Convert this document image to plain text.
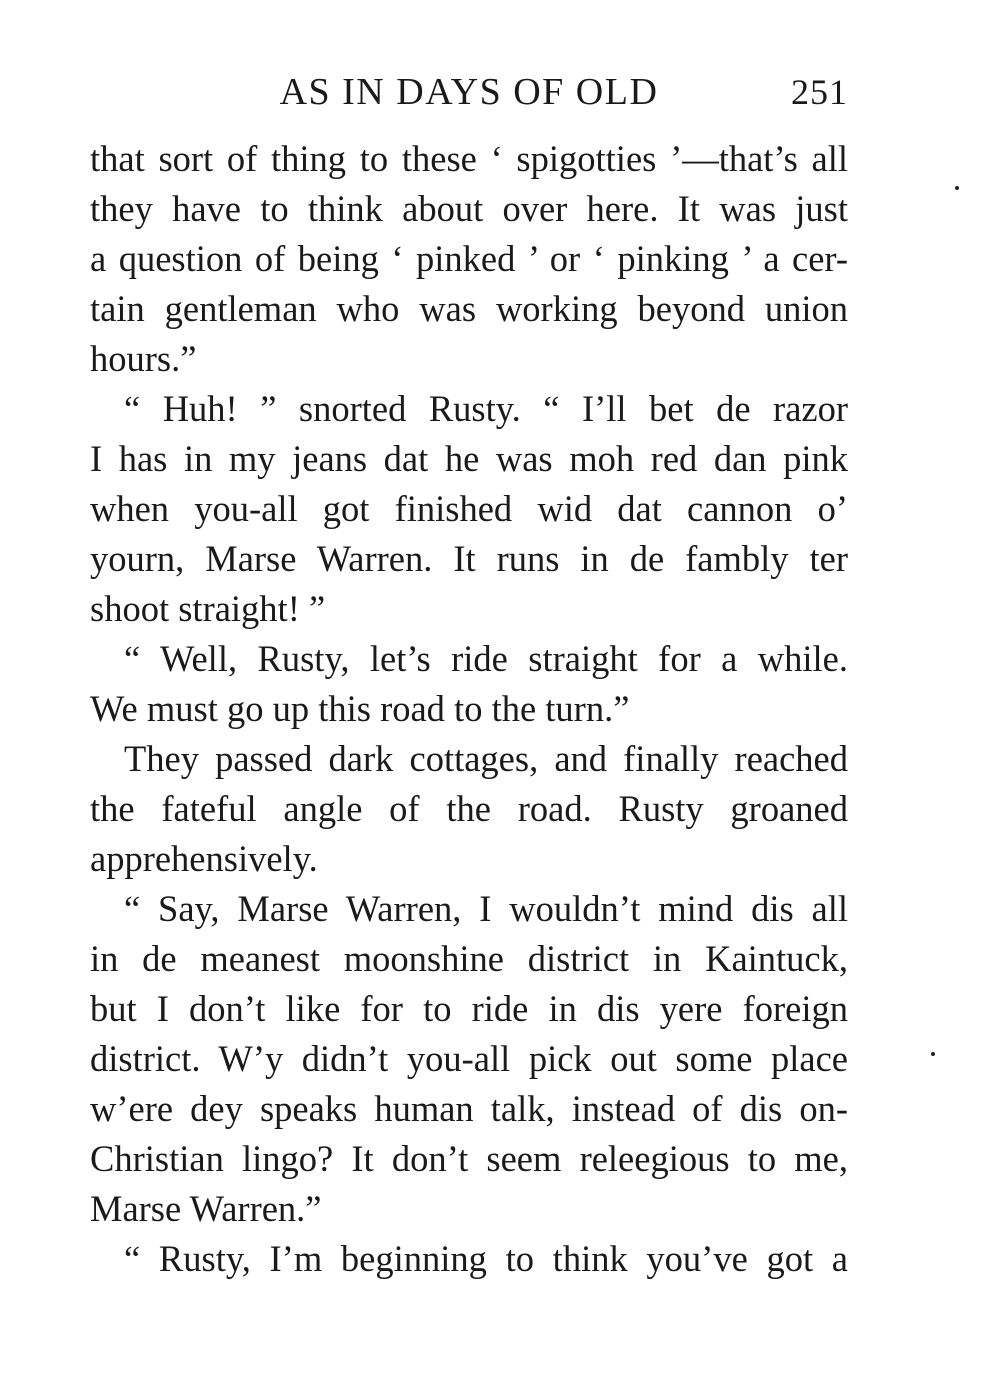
AS IN DAYS OF OLD	251
that sort of thing to these ‘ spigotties ’—that’s all
they have to think about over here. It was just
a question of being ‘ pinked ’ or ‘ pinking ’ a cer-
tain gentleman who was working beyond union
hours.”
“ Huh! ” snorted Rusty. “ I’ll bet de razor
I has in my jeans dat he was moh red dan pink
when you-all got finished wid dat cannon o’
yourn, Marse Warren. It runs in de fambly ter
shoot straight! ”
“ Well, Rusty, let’s ride straight for a while.
We must go up this road to the turn.”
They passed dark cottages, and finally reached
the fateful angle of the road. Rusty groaned
apprehensively.
“ Say, Marse Warren, I wouldn’t mind dis all
in de meanest moonshine district in Kaintuck,
but I don’t like for to ride in dis yere foreign
district. W’y didn’t you-all pick out some place
w’ere dey speaks human talk, instead of dis on-
Christian lingo? It don’t seem releegious to me,
Marse Warren.”
“ Rusty, I’m beginning to think you’ve got a
